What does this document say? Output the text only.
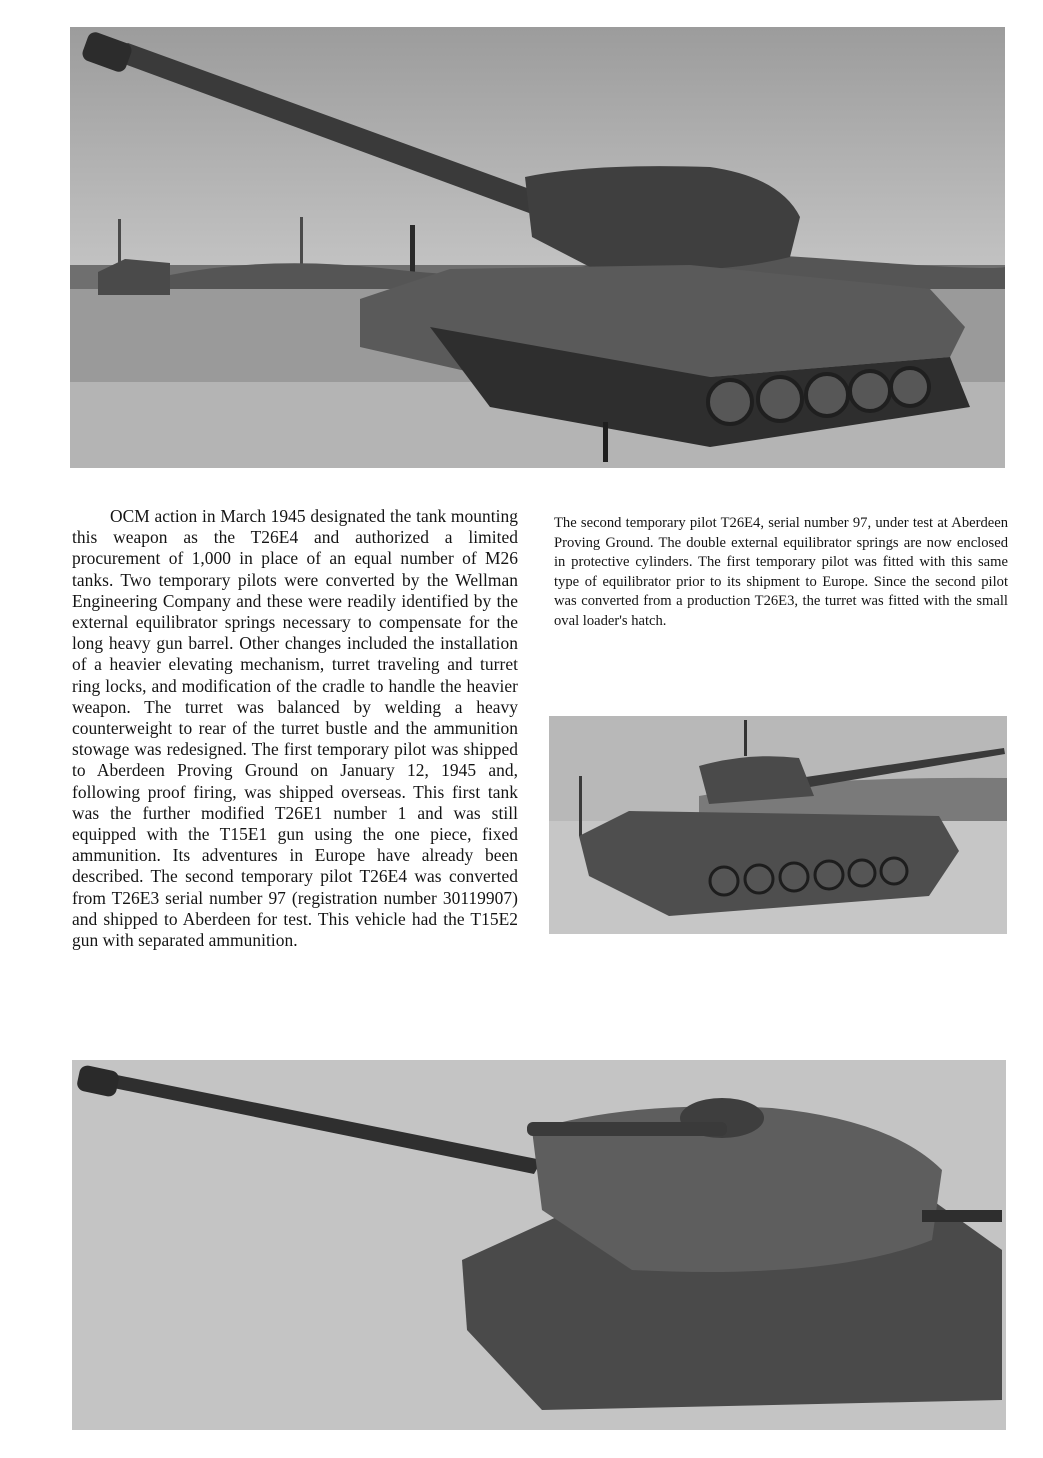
OCM action in March 1945 designated the tank mounting this weapon as the T26E4 and authorized a limited procurement of 1,000 in place of an equal number of M26 tanks. Two temporary pilots were converted by the Wellman Engineering Company and these were readily identified by the external equilibrator springs necessary to compensate for the long heavy gun barrel. Other changes included the installation of a heavier elevating mechanism, turret traveling and turret ring locks, and modification of the cradle to handle the heavier weapon. The turret was balanced by welding a heavy counterweight to rear of the turret bustle and the ammunition stowage was redesigned. The first temporary pilot was shipped to Aberdeen Proving Ground on January 12, 1945 and, following proof firing, was shipped overseas. This first tank was the further modified T26E1 number 1 and was still equipped with the T15E1 gun using the one piece, fixed ammunition. Its adventures in Europe have already been described. The second temporary pilot T26E4 was converted from T26E3 serial number 97 (registration number 30119907) and shipped to Aberdeen for test. This vehicle had the T15E2 gun with separated ammunition.

The second temporary pilot T26E4, serial number 97, under test at Aberdeen Proving Ground. The double external equilibrator springs are now enclosed in protective cylinders. The first temporary pilot was fitted with this same type of equilibrator prior to its shipment to Europe. Since the second pilot was converted from a production T26E3, the turret was fitted with the small oval loader's hatch.
